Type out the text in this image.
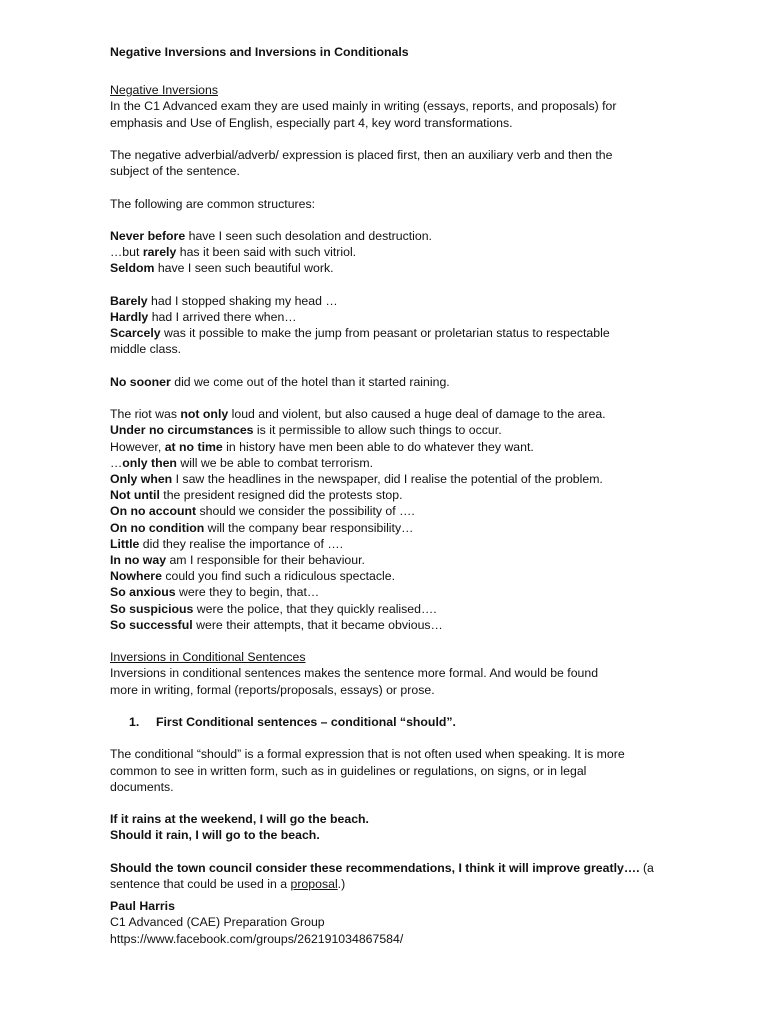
Negative Inversions and Inversions in Conditionals

Negative Inversions

In the C1 Advanced exam they are used mainly in writing (essays, reports, and proposals) for

emphasis and Use of English, especially part 4, key word transformations.

The negative adverbial/adverb/ expression is placed first, then an auxiliary verb and then the

subject of the sentence.

The following are common structures:

Never before have I seen such desolation and destruction.

…but rarely has it been said with such vitriol.

Seldom have I seen such beautiful work.

Barely had I stopped shaking my head …

Hardly had I arrived there when…

Scarcely was it possible to make the jump from peasant or proletarian status to respectable

middle class.

No sooner did we come out of the hotel than it started raining.

The riot was not only loud and violent, but also caused a huge deal of damage to the area.

Under no circumstances is it permissible to allow such things to occur.

However, at no time in history have men been able to do whatever they want.

…only then will we be able to combat terrorism.

Only when I saw the headlines in the newspaper, did I realise the potential of the problem.

Not until the president resigned did the protests stop.

On no account should we consider the possibility of ….

On no condition will the company bear responsibility…

Little did they realise the importance of ….

In no way am I responsible for their behaviour.

Nowhere could you find such a ridiculous spectacle.

So anxious were they to begin, that…

So suspicious were the police, that they quickly realised….

So successful were their attempts, that it became obvious…

Inversions in Conditional Sentences

Inversions in conditional sentences makes the sentence more formal. And would be found

more in writing, formal (reports/proposals, essays) or prose.

1.	First Conditional sentences – conditional “should”.

The conditional “should” is a formal expression that is not often used when speaking. It is more

common to see in written form, such as in guidelines or regulations, on signs, or in legal

documents.

If it rains at the weekend, I will go the beach.

Should it rain, I will go to the beach.

Should the town council consider these recommendations, I think it will improve greatly…. (a

sentence that could be used in a proposal.)

Paul Harris

C1 Advanced (CAE) Preparation Group

https://www.facebook.com/groups/262191034867584/
